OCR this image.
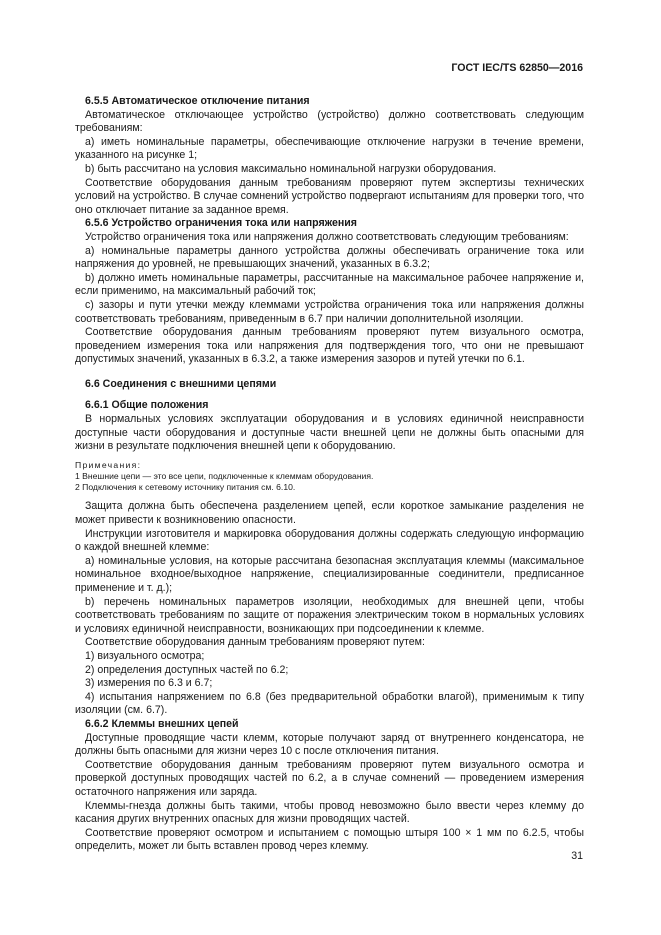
ГОСТ IEC/TS 62850—2016

6.5.5 Автоматическое отключение питания

Автоматическое отключающее устройство (устройство) должно соответствовать следующим требованиям:

а) иметь номинальные параметры, обеспечивающие отключение нагрузки в течение времени, указанного на рисунке 1;

b) быть рассчитано на условия максимально номинальной нагрузки оборудования.

Соответствие оборудования данным требованиям проверяют путем экспертизы технических условий на устройство. В случае сомнений устройство подвергают испытаниям для проверки того, что оно отключает питание за заданное время.

6.5.6 Устройство ограничения тока или напряжения

Устройство ограничения тока или напряжения должно соответствовать следующим требованиям:

а) номинальные параметры данного устройства должны обеспечивать ограничение тока или напряжения до уровней, не превышающих значений, указанных в 6.3.2;

b) должно иметь номинальные параметры, рассчитанные на максимальное рабочее напряжение и, если применимо, на максимальный рабочий ток;

с) зазоры и пути утечки между клеммами устройства ограничения тока или напряжения должны соответствовать требованиям, приведенным в 6.7 при наличии дополнительной изоляции.

Соответствие оборудования данным требованиям проверяют путем визуального осмотра, проведением измерения тока или напряжения для подтверждения того, что они не превышают допустимых значений, указанных в 6.3.2, а также измерения зазоров и путей утечки по 6.1.

6.6 Соединения с внешними цепями

6.6.1 Общие положения

В нормальных условиях эксплуатации оборудования и в условиях единичной неисправности доступные части оборудования и доступные части внешней цепи не должны быть опасными для жизни в результате подключения внешней цепи к оборудованию.

Примечания:
1 Внешние цепи — это все цепи, подключенные к клеммам оборудования.
2 Подключения к сетевому источнику питания см. 6.10.

Защита должна быть обеспечена разделением цепей, если короткое замыкание разделения не может привести к возникновению опасности.

Инструкции изготовителя и маркировка оборудования должны содержать следующую информацию о каждой внешней клемме:

а) номинальные условия, на которые рассчитана безопасная эксплуатация клеммы (максимальное номинальное входное/выходное напряжение, специализированные соединители, предписанное применение и т. д.);

b) перечень номинальных параметров изоляции, необходимых для внешней цепи, чтобы соответствовать требованиям по защите от поражения электрическим током в нормальных условиях и условиях единичной неисправности, возникающих при подсоединении к клемме.

Соответствие оборудования данным требованиям проверяют путем:

1) визуального осмотра;

2) определения доступных частей по 6.2;

3) измерения по 6.3 и 6.7;

4) испытания напряжением по 6.8 (без предварительной обработки влагой), применимым к типу изоляции (см. 6.7).

6.6.2 Клеммы внешних цепей

Доступные проводящие части клемм, которые получают заряд от внутреннего конденсатора, не должны быть опасными для жизни через 10 с после отключения питания.

Соответствие оборудования данным требованиям проверяют путем визуального осмотра и проверкой доступных проводящих частей по 6.2, а в случае сомнений — проведением измерения остаточного напряжения или заряда.

Клеммы-гнезда должны быть такими, чтобы провод невозможно было ввести через клемму до касания других внутренних опасных для жизни проводящих частей.

Соответствие проверяют осмотром и испытанием с помощью штыря 100 × 1 мм по 6.2.5, чтобы определить, может ли быть вставлен провод через клемму.

31
